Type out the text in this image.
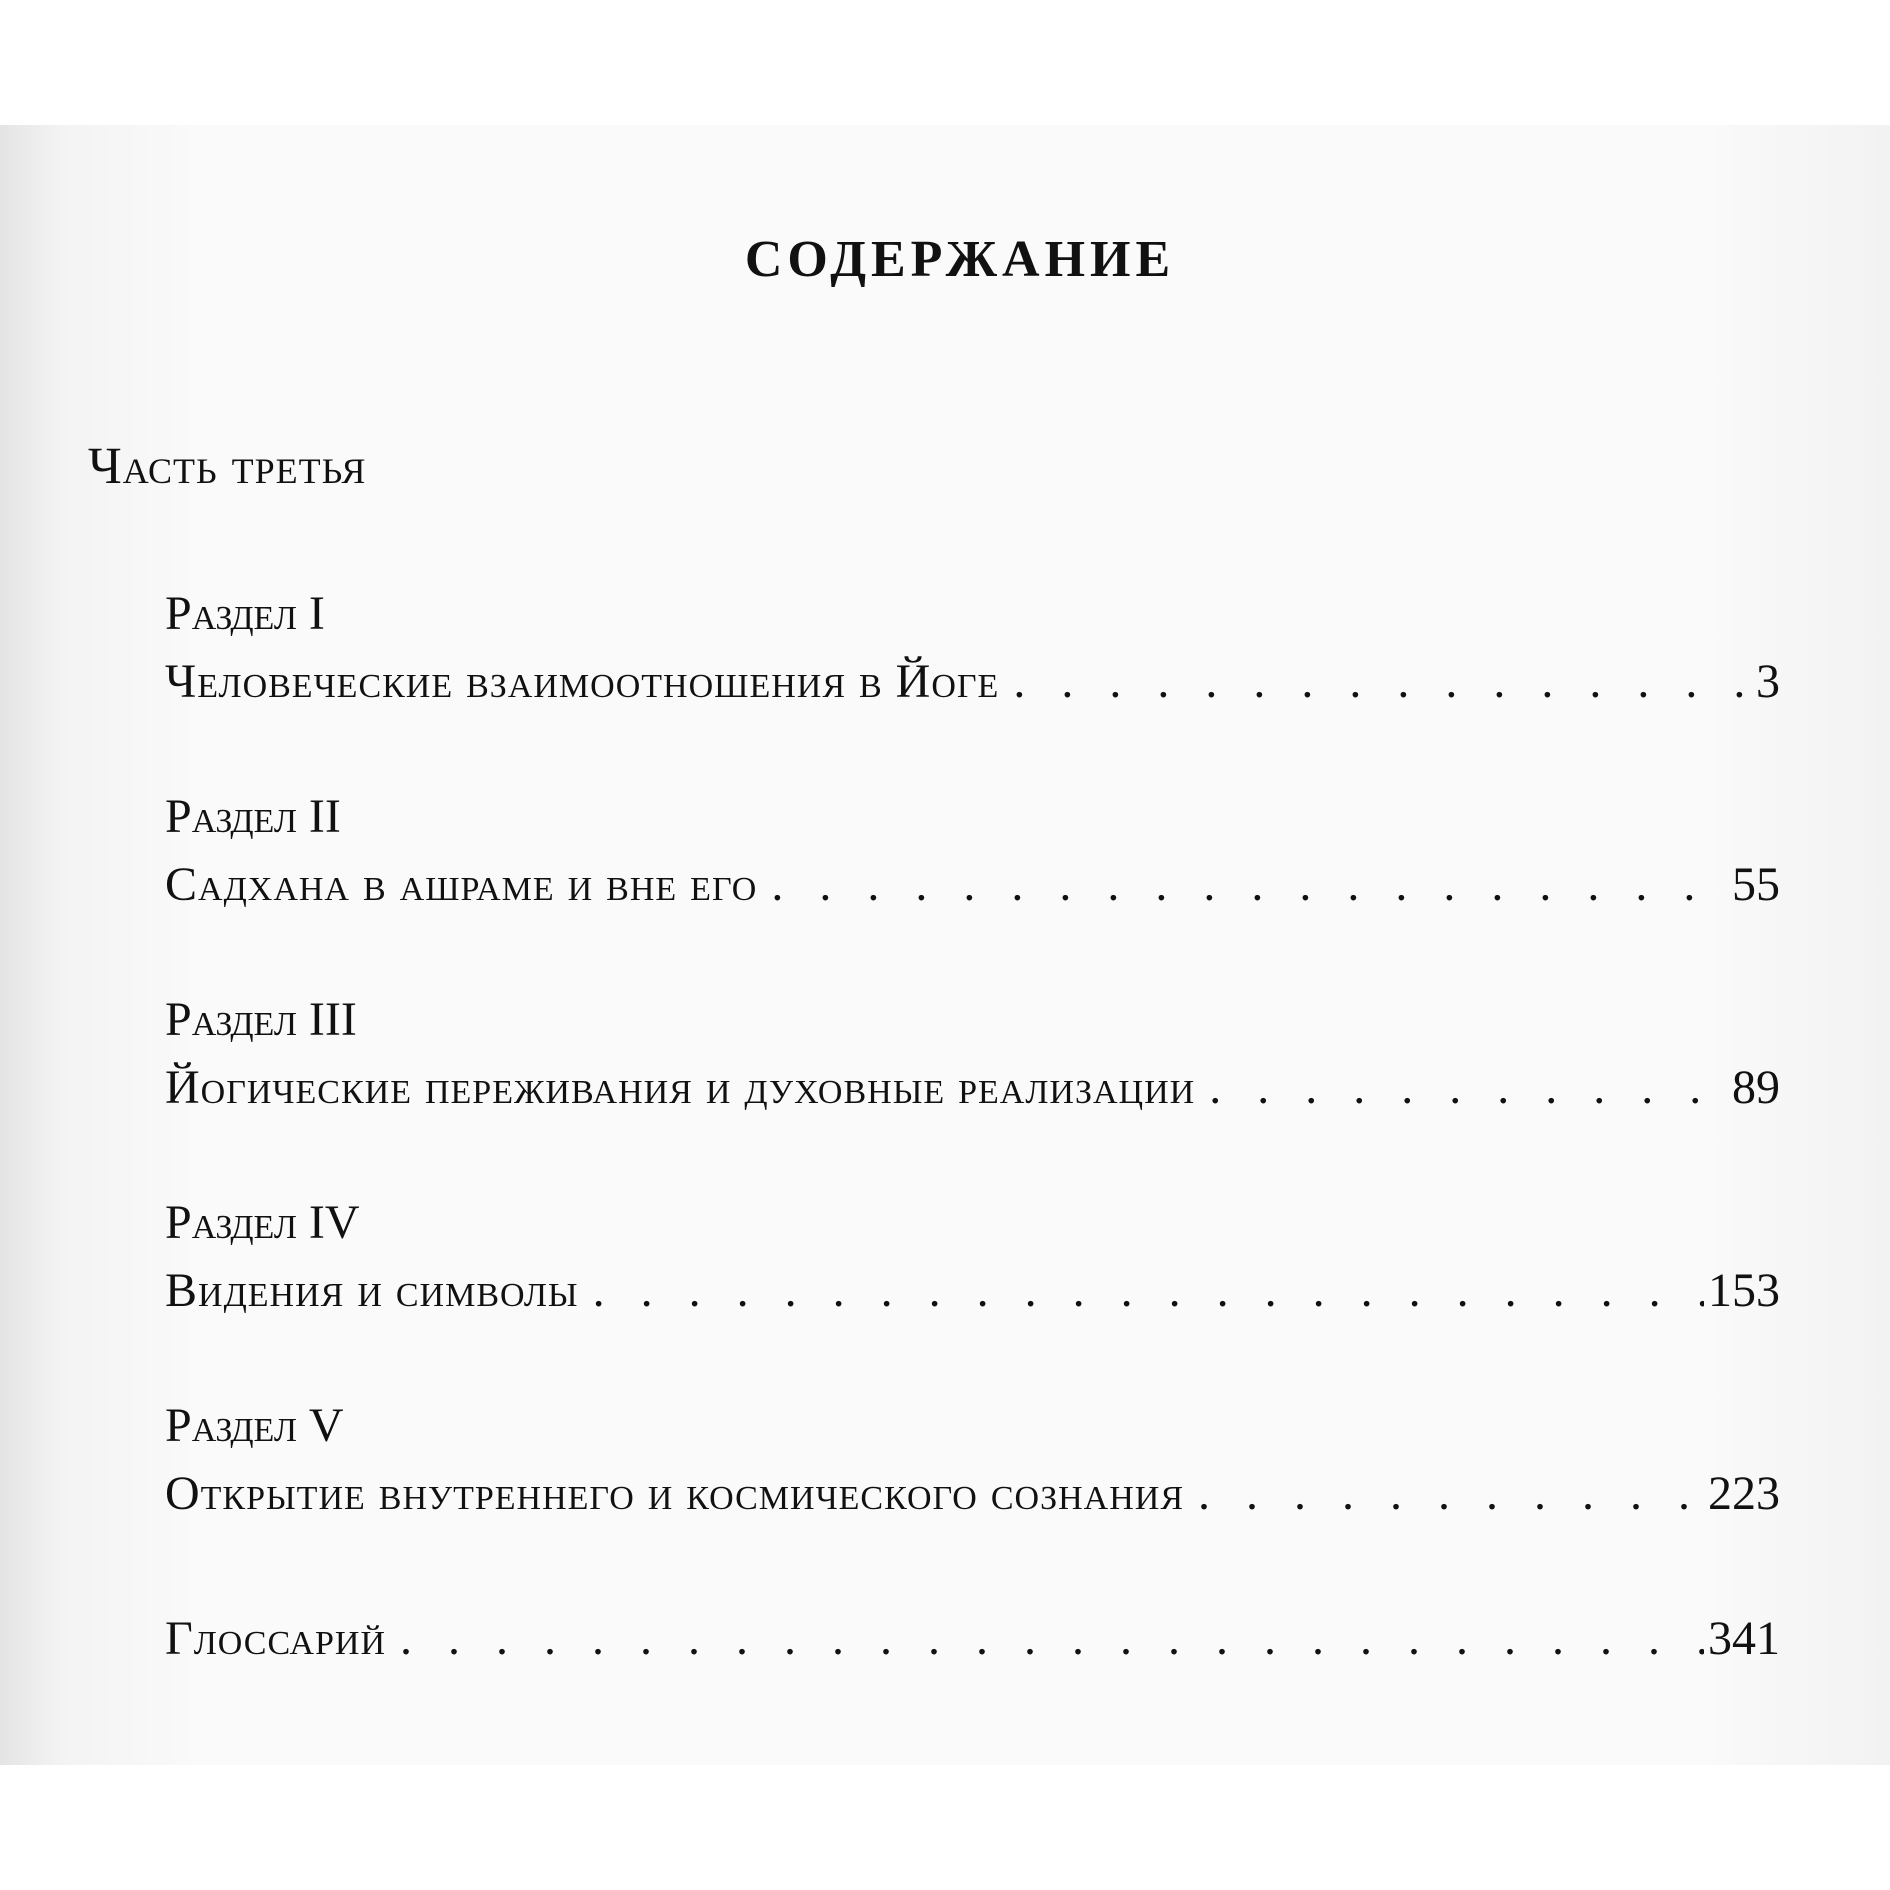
СОДЕРЖАНИЕ
Часть третья
Раздел I
Человеческие взаимоотношения в Йоге . . .	3
Раздел II
Садхана в ашраме и вне его . . .	55
Раздел III
Йогические переживания и духовные реализации . . .	89
Раздел IV
Видения и символы . . .	153
Раздел V
Открытие внутреннего и космического сознания . . .	223
Глоссарий . . .	341
